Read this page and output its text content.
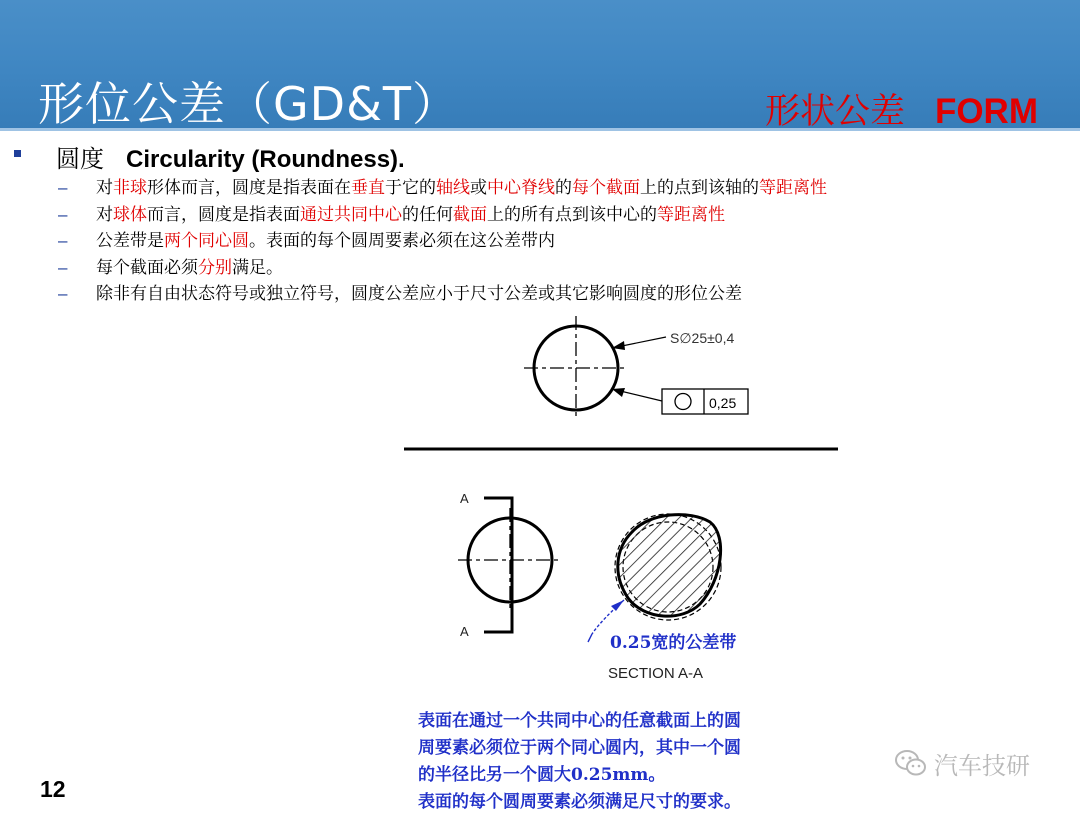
形位公差（GD&T）	形状公差 FORM
圆度 Circularity (Roundness).
– 对非球形体而言，圆度是指表面在垂直于它的轴线或中心脊线的每个截面上的点到该轴的等距离性
– 对球体而言，圆度是指表面通过共同中心的任何截面上的所有点到该中心的等距离性
– 公差带是两个同心圆。表面的每个圆周要素必须在这公差带内
– 每个截面必须分别满足。
– 除非有自由状态符号或独立符号，圆度公差应小于尺寸公差或其它影响圆度的形位公差
S∅25±0,4
0,25
A
A
0.25宽的公差带
SECTION A-A
表面在通过一个共同中心的任意截面上的圆
周要素必须位于两个同心圆内，其中一个圆
的半径比另一个圆大0.25mm。
表面的每个圆周要素必须满足尺寸的要求。
12
汽车技研
